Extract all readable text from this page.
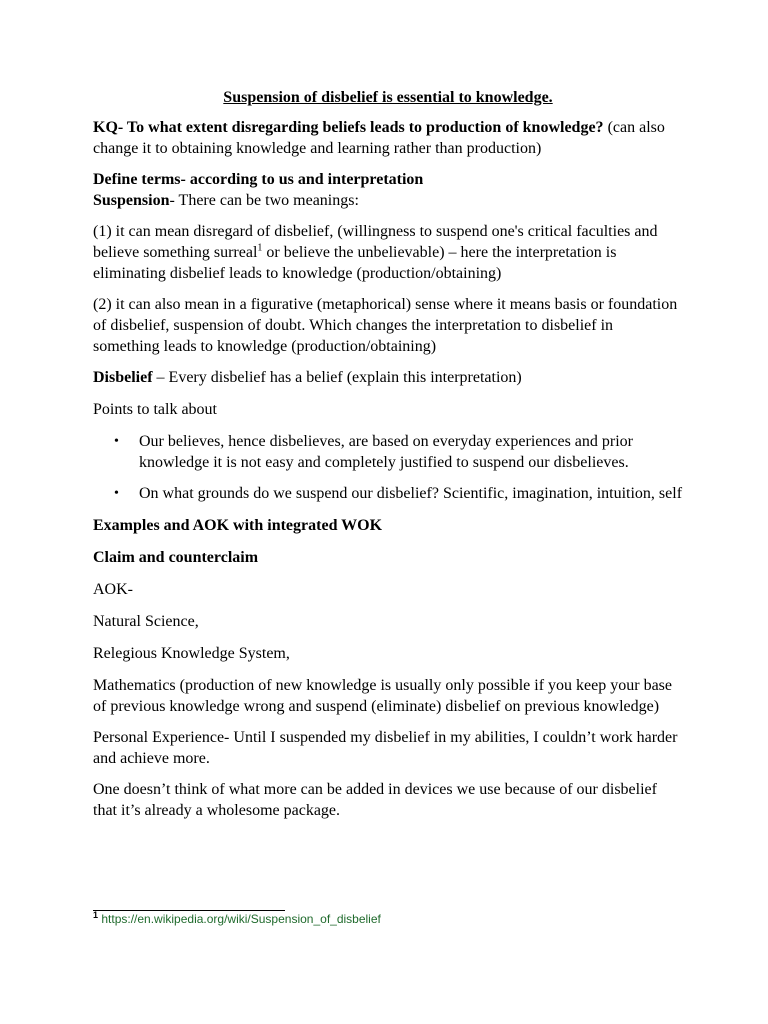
Suspension of disbelief is essential to knowledge.

KQ- To what extent disregarding beliefs leads to production of knowledge? (can also change it to obtaining knowledge and learning rather than production)

Define terms- according to us and interpretation

Suspension- There can be two meanings:

(1) it can mean disregard of disbelief, (willingness to suspend one's critical faculties and believe something surreal$^1$ or believe the unbelievable) – here the interpretation is eliminating disbelief leads to knowledge (production/obtaining)

(2) it can also mean in a figurative (metaphorical) sense where it means basis or foundation of disbelief, suspension of doubt. Which changes the interpretation to disbelief in something leads to knowledge (production/obtaining)

Disbelief – Every disbelief has a belief (explain this interpretation)

Points to talk about

• Our believes, hence disbelieves, are based on everyday experiences and prior knowledge it is not easy and completely justified to suspend our disbelieves.
• On what grounds do we suspend our disbelief? Scientific, imagination, intuition, self

Examples and AOK with integrated WOK

Claim and counterclaim

AOK-

Natural Science,

Relegious Knowledge System,

Mathematics (production of new knowledge is usually only possible if you keep your base of previous knowledge wrong and suspend (eliminate) disbelief on previous knowledge)

Personal Experience- Until I suspended my disbelief in my abilities, I couldn’t work harder and achieve more.

One doesn’t think of what more can be added in devices we use because of our disbelief that it’s already a wholesome package.

$^1$ https://en.wikipedia.org/wiki/Suspension_of_disbelief
